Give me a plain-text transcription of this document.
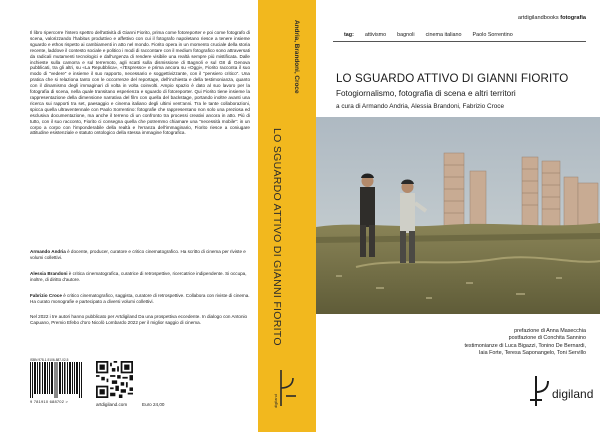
Il libro ripercorre l'intero spettro dell'attività di Gianni Fiorito, prima come fotoreporter e poi come fotografo di scena, valorizzando l'habitus produttivo e affettivo con cui il fotografo napoletano riesce a tenere insieme sguardo e ethos rispetto ai cambiamenti in atto nel mondo. Fiorito opera in un momento cruciale della storia recente, laddove il contesto sociale e politico i modi di raccontare con il medium fotografico sono attraversati da radicali mutamenti tecnologici e dall'urgenza di rendere visibile una realtà sempre più mistificata. Dalle inchieste sulla camorra e sul terremoto, agli scatti sulla dismissione di Bagnoli e sul G8 di Genova pubblicati, tra gli altri, su «La Repubblica», «l'Espresso» e prima ancora su «Oggi», Fiorito racconta il suo modo di "vedere" e insieme il suo rapporto, necessario e soggettivizzante, con il "pensiero critico". Una pratica che si relaziona tanto con le occorrenze del reportage, dell'inchiesta e della testimonianza, quanto con il dinamismo degli immaginari di volta in volta coinvolti. Ampio spazio è dato al suo lavoro per la fotografia di scena, nella quale transitano esperienza e sguardo di fotoreporter. Qui Fiorito tiene insieme la rappresentazione della dimensione narrativa del film con quella del backstage, portando inoltre avanti una ricerca sui rapporti tra set, paesaggio e cinema italiano degli ultimi vent'anni. Tra le tante collaborazioni, spicca quella ultraventennale con Paolo Sorrentino: fotografie che rappresentano non solo una preziosa ed esclusiva documentazione, ma anche il terreno di un confronto tra processi creativi ancora in atto. Più di tutto, con il suo racconto, Fiorito ci consegna quella che potremmo chiamare una "necessità mobile": in un corpo a corpo con l'imponderabile della realtà e l'erranza dell'immaginario, Fiorito riesce a coniugare attitudine esistenziale e statuto ontologico della stessa immagine fotografica.
Armando Andria è docente, producer, curatore e critico cinematografico. Ha scritto di cinema per riviste e volumi collettivi.
Alessia Brandoni è critica cinematografica, curatrice di retrospettive, ricercatrice indipendente. Si occupa, inoltre, di diritto d'autore.
Fabrizio Croce è critico cinematografico, saggista, curatore di retrospettive. Collabora con riviste di cinema. Ha curato monografie e partecipato a diversi volumi collettivi.
Nel 2022 i tre autori hanno pubblicato per Artdigiland Da una prospettiva eccedente. In dialogo con Antonio Capuano, Premio Efebo d'oro Nicolò Lombardo 2022 per il miglior saggio di cinema.
ISBN 978-1-9106-887-02-5
9 781910 688702 >
artdigiland.com	Euro 24,00
Andria, Brandoni, Croce
LO SGUARDO ATTIVO DI GIANNI FIORITO
digiland
artdigilandbooks fotografia
tag: attivismo bagnoli cinema italiano Paolo Sorrentino
LO SGUARDO ATTIVO DI GIANNI FIORITO
Fotogiornalismo, fotografia di scena e altri territori
a cura di Armando Andria, Alessia Brandoni, Fabrizio Croce
prefazione di Anna Masecchia
postfazione di Conchita Sannino
testimonianze di Luca Bigazzi, Tonino De Bernardi,
Iaia Forte, Teresa Saponangelo, Toni Servillo
digiland
